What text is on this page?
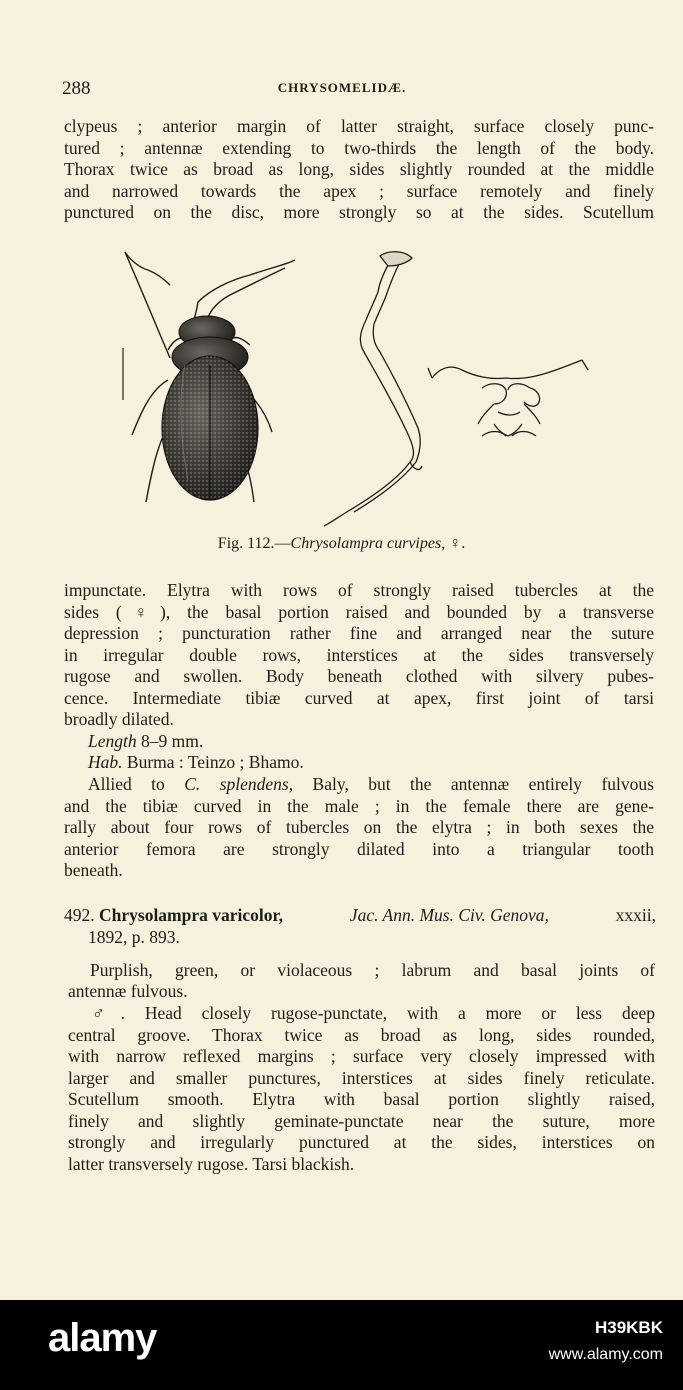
288	CHRYSOMELIDÆ.

clypeus ; anterior margin of latter straight, surface closely punc-
tured ; antennæ extending to two-thirds the length of the body.
Thorax twice as broad as long, sides slightly rounded at the middle
and narrowed towards the apex ; surface remotely and finely
punctured on the disc, more strongly so at the sides. Scutellum

Fig. 112.—Chrysolampra curvipes, ♀.

impunctate. Elytra with rows of strongly raised tubercles at the
sides (♀), the basal portion raised and bounded by a transverse
depression ; puncturation rather fine and arranged near the suture
in irregular double rows, interstices at the sides transversely
rugose and swollen. Body beneath clothed with silvery pubes-
cence. Intermediate tibiæ curved at apex, first joint of tarsi
broadly dilated.

Length 8–9 mm.

Hab. Burma : Teinzo ; Bhamo.

Allied to C. splendens, Baly, but the antennæ entirely fulvous
and the tibiæ curved in the male ; in the female there are gene-
rally about four rows of tubercles on the elytra ; in both sexes the
anterior femora are strongly dilated into a triangular tooth
beneath.

492. Chrysolampra varicolor,	Jac. Ann. Mus. Civ. Genova,	xxxii,
1892, p. 893.

Purplish, green, or violaceous ; labrum and basal joints of

antennæ fulvous.

♂. Head closely rugose-punctate, with a more or less deep
central groove. Thorax twice as broad as long, sides rounded,
with narrow reflexed margins ; surface very closely impressed with
larger and smaller punctures, interstices at sides finely reticulate.
Scutellum smooth. Elytra with basal portion slightly raised,
finely and slightly geminate-punctate near the suture, more
strongly and irregularly punctured at the sides, interstices on
latter transversely rugose. Tarsi blackish.

alamy	H39KBK
www.alamy.com
